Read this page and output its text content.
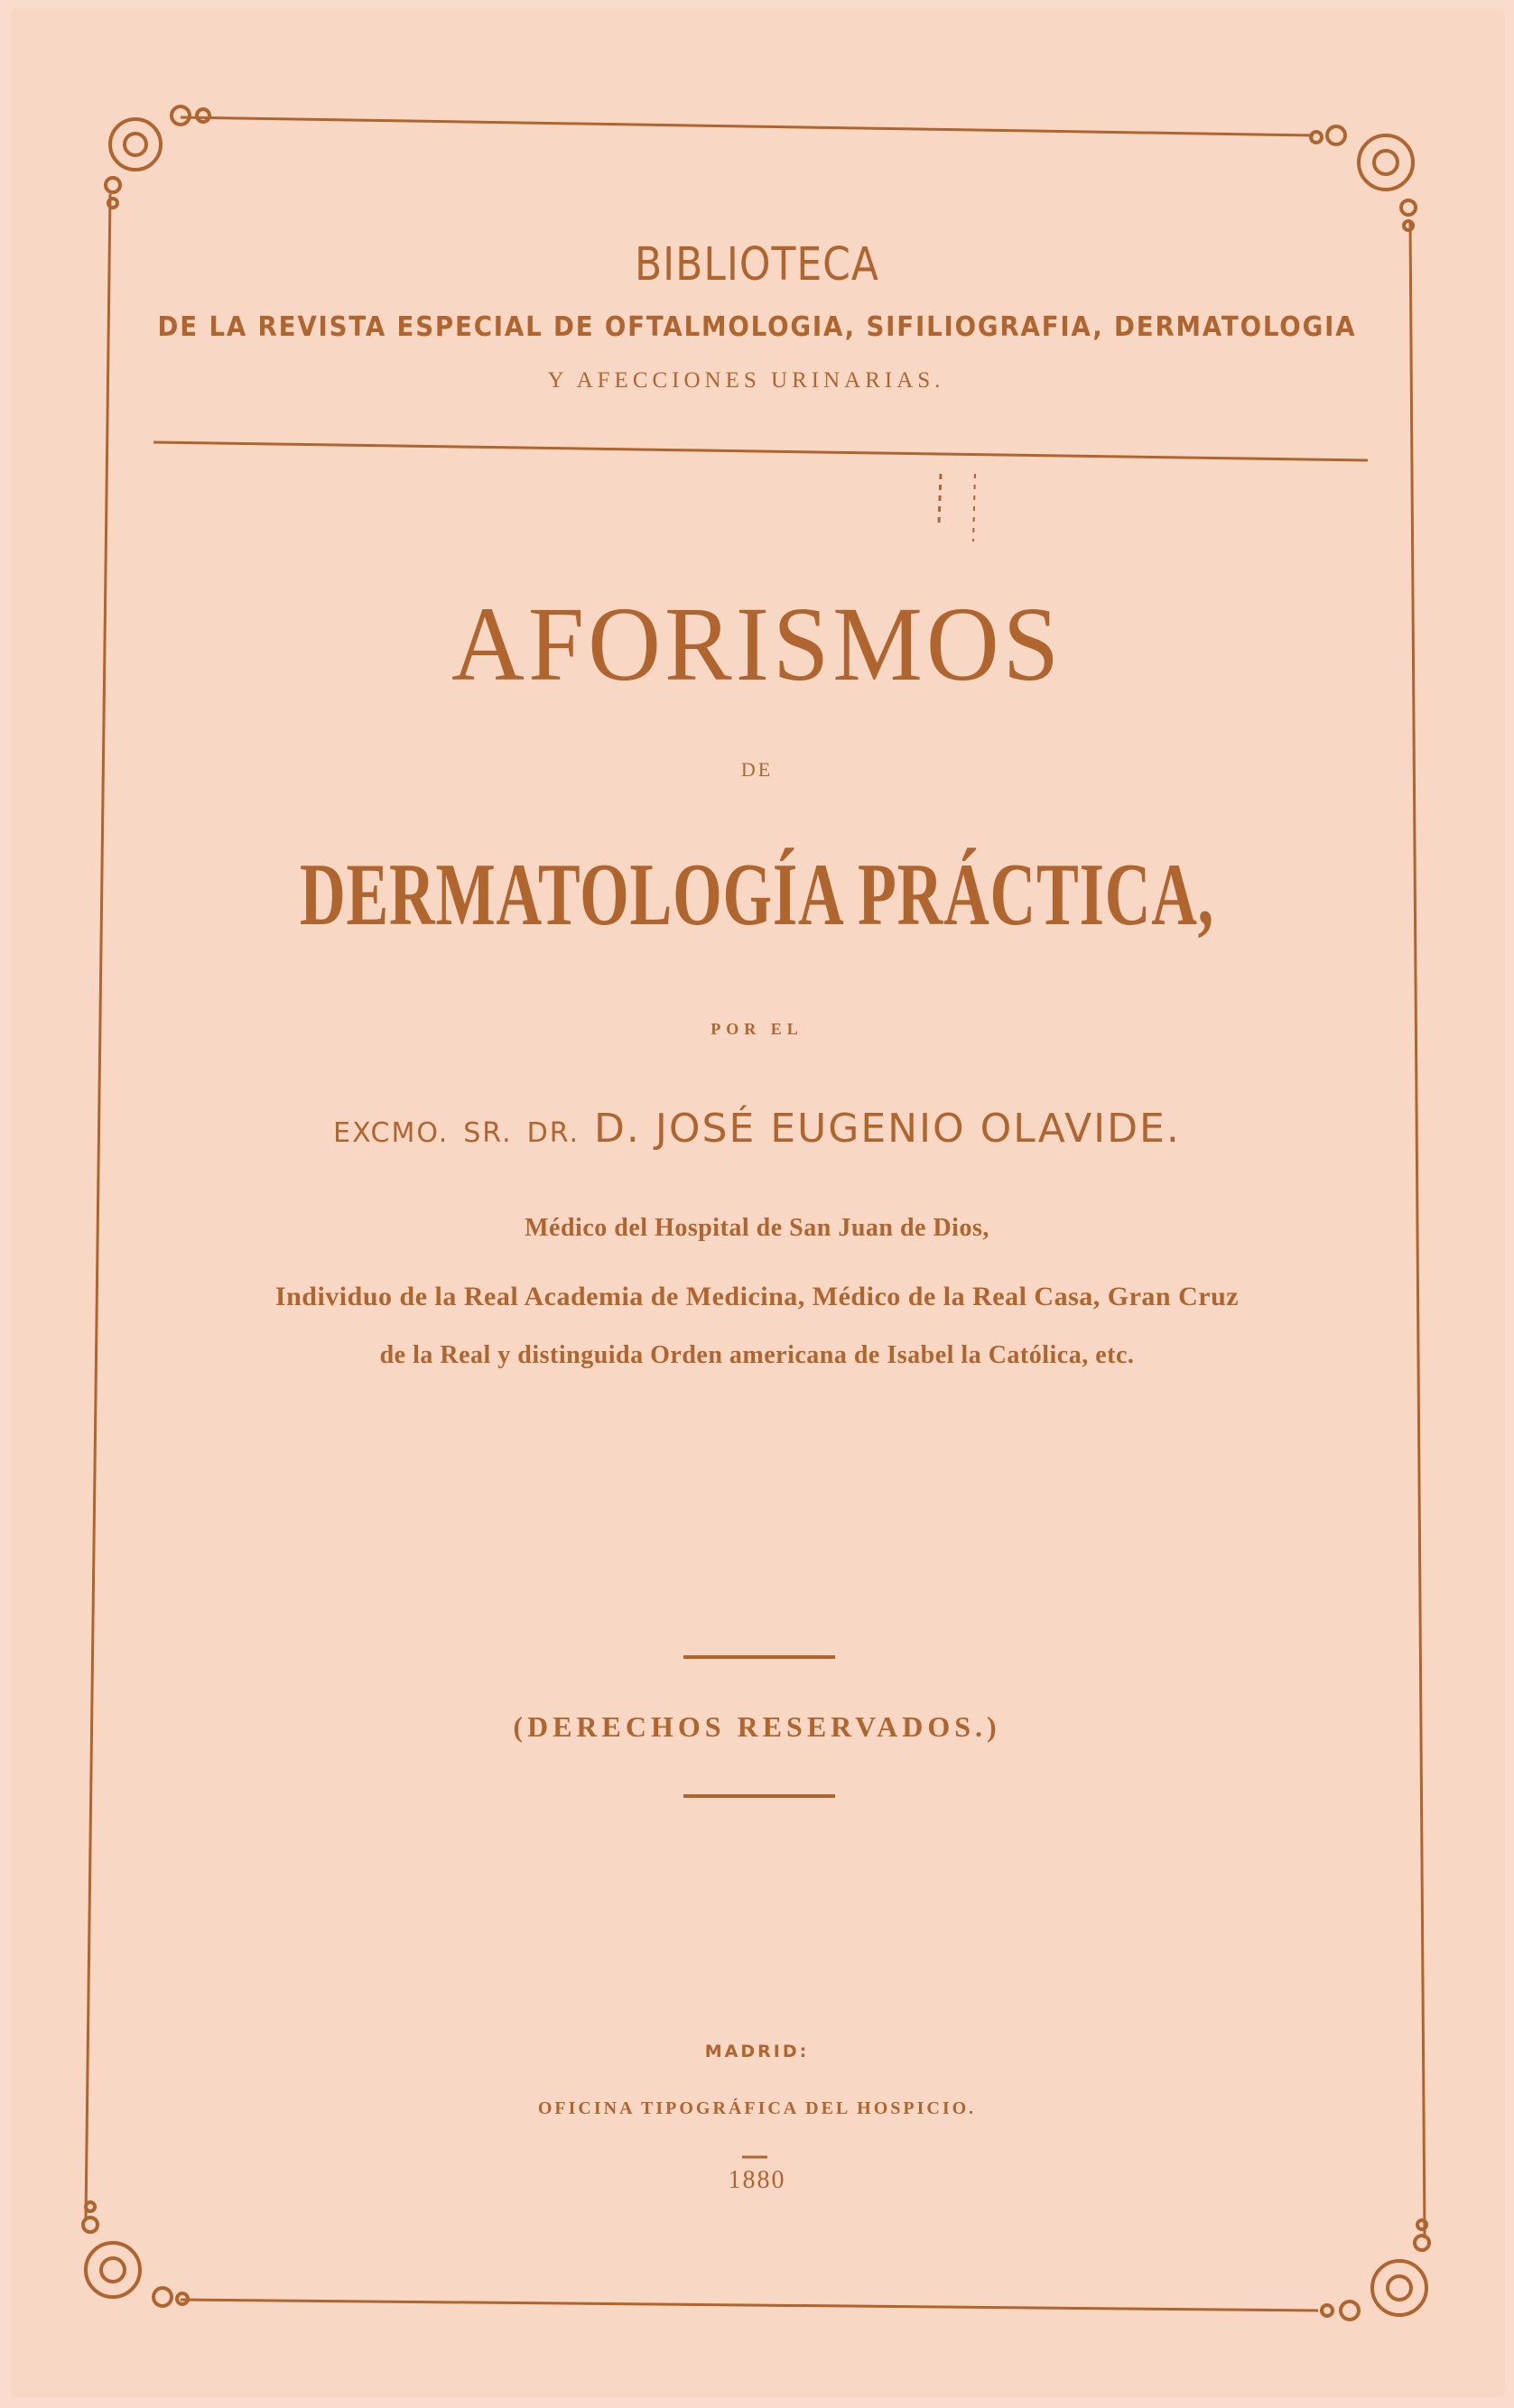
BIBLIOTECA
DE LA REVISTA ESPECIAL DE OFTALMOLOGIA, SIFILIOGRAFIA, DERMATOLOGIA
Y AFECCIONES URINARIAS.
AFORISMOS
DE
DERMATOLOGÍA PRÁCTICA,
POR EL
EXCMO. SR. DR. D. JOSÉ EUGENIO OLAVIDE.
Médico del Hospital de San Juan de Dios,
Individuo de la Real Academia de Medicina, Médico de la Real Casa, Gran Cruz
de la Real y distinguida Orden americana de Isabel la Católica, etc.
(DERECHOS RESERVADOS.)
MADRID:
OFICINA TIPOGRÁFICA DEL HOSPICIO.
1880
